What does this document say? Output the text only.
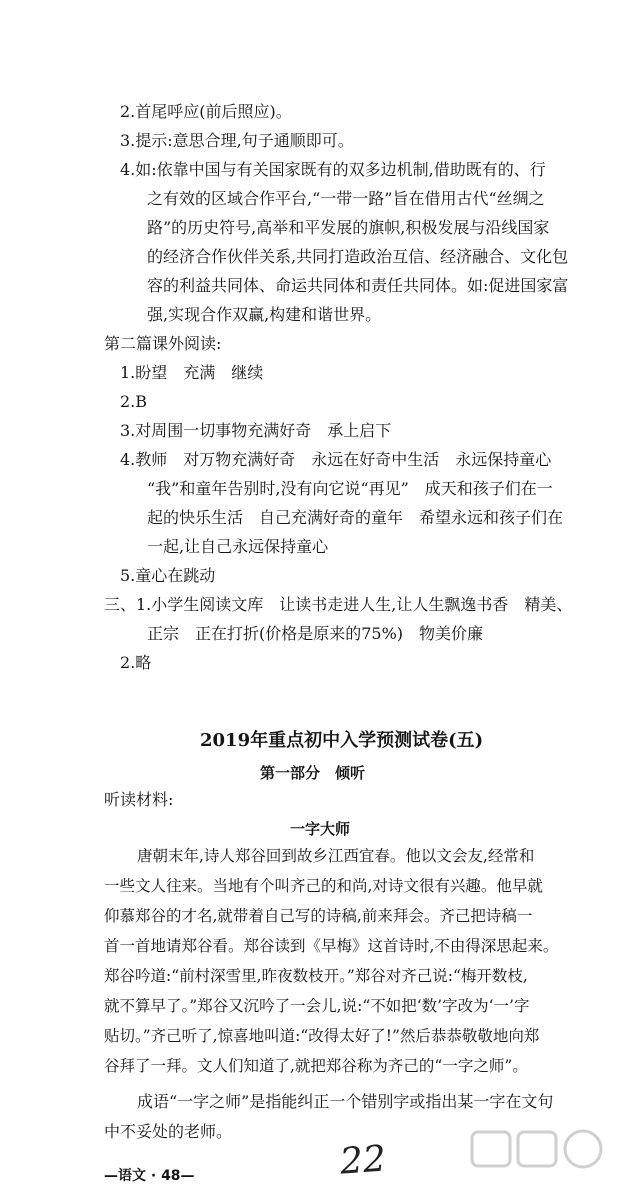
2.首尾呼应(前后照应)。
3.提示:意思合理,句子通顺即可。
4.如:依靠中国与有关国家既有的双多边机制,借助既有的、行
之有效的区域合作平台,“一带一路”旨在借用古代“丝绸之
路”的历史符号,高举和平发展的旗帜,积极发展与沿线国家
的经济合作伙伴关系,共同打造政治互信、经济融合、文化包
容的利益共同体、命运共同体和责任共同体。如:促进国家富
强,实现合作双赢,构建和谐世界。
第二篇课外阅读:
1.盼望　充满　继续
2.B
3.对周围一切事物充满好奇　承上启下
4.教师　对万物充满好奇　永远在好奇中生活　永远保持童心
“我”和童年告别时,没有向它说“再见”　成天和孩子们在一
起的快乐生活　自己充满好奇的童年　希望永远和孩子们在
一起,让自己永远保持童心
5.童心在跳动
三、1.小学生阅读文库　让读书走进人生,让人生飘逸书香　精美、
正宗　正在打折(价格是原来的75%)　物美价廉
2.略
2019年重点初中入学预测试卷(五)
第一部分　倾听
听读材料:
一字大师
唐朝末年,诗人郑谷回到故乡江西宜春。他以文会友,经常和
一些文人往来。当地有个叫齐己的和尚,对诗文很有兴趣。他早就
仰慕郑谷的才名,就带着自己写的诗稿,前来拜会。齐己把诗稿一
首一首地请郑谷看。郑谷读到《早梅》这首诗时,不由得深思起来。
郑谷吟道:“前村深雪里,昨夜数枝开。”郑谷对齐己说:“梅开数枝,
就不算早了。”郑谷又沉吟了一会儿,说:“不如把‘数’字改为‘一’字
贴切。”齐己听了,惊喜地叫道:“改得太好了!”然后恭恭敬敬地向郑
谷拜了一拜。文人们知道了,就把郑谷称为齐己的“一字之师”。
成语“一字之师”是指能纠正一个错别字或指出某一字在文句
中不妥处的老师。
—语文 · 48—	22
